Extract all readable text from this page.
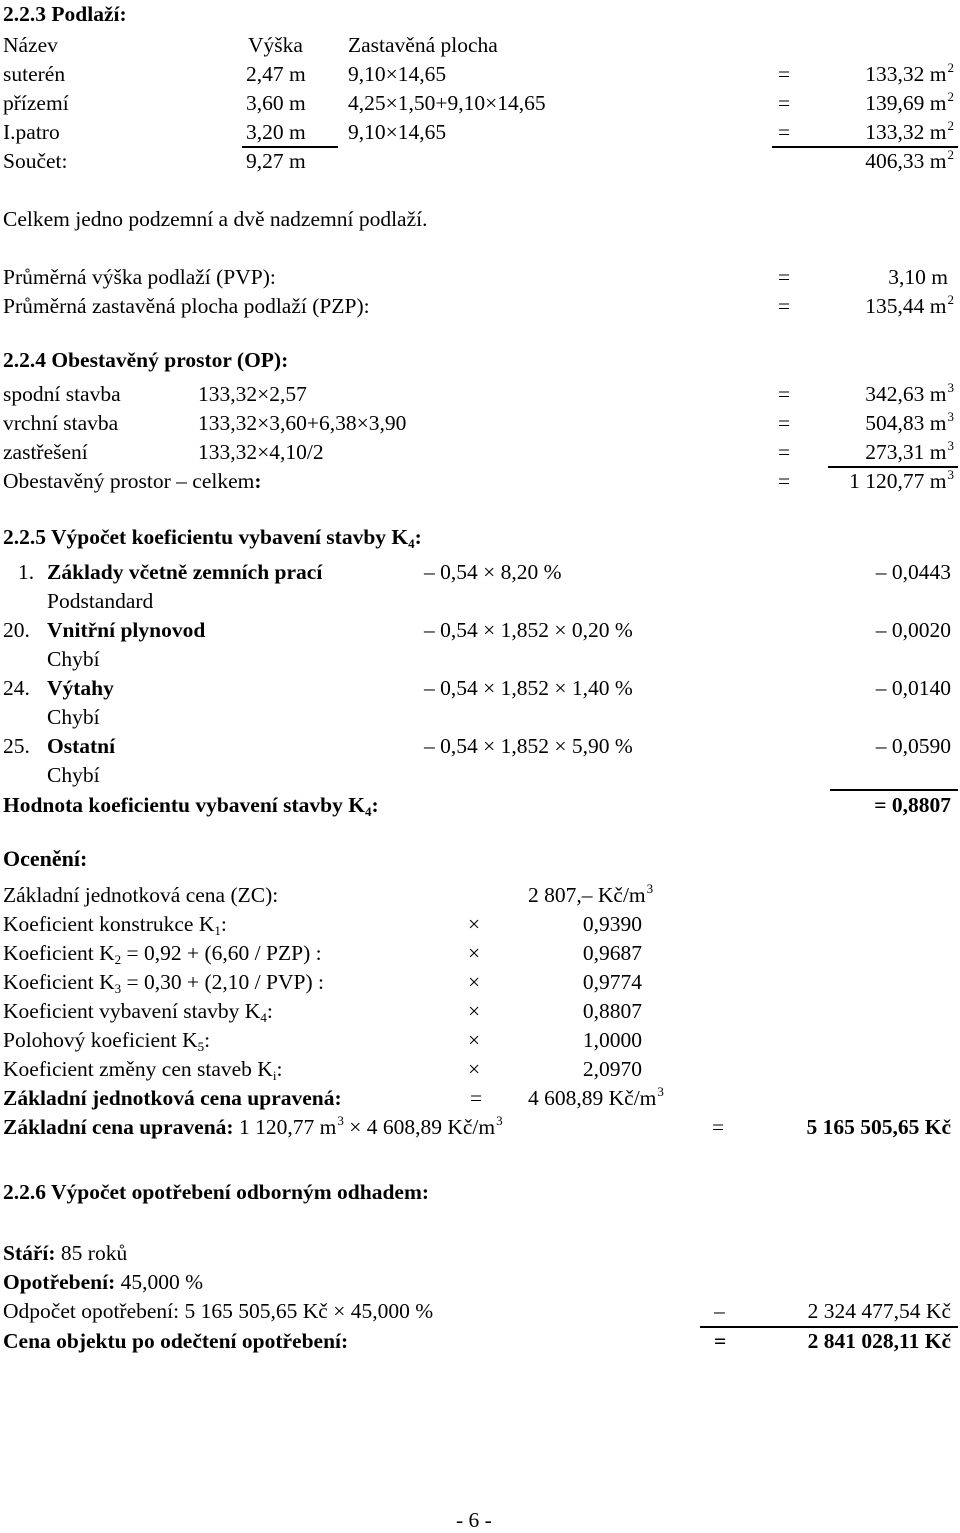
2.2.3 Podlaží:
Název	Výška Zastavěná plocha
suterén	2,47 m 9,10×14,65	=	133,32 $m^2$
přízemí	3,60 m 4,25×1,50+9,10×14,65	=	139,69 $m^2$
I.patro	3,20 m 9,10×14,65	=	133,32 $m^2$
Součet:	9,27 m	406,33 $m^2$
Celkem jedno podzemní a dvě nadzemní podlaží.
Průměrná výška podlaží (PVP):	=	3,10 m
Průměrná zastavěná plocha podlaží (PZP):	=	135,44 $m^2$
2.2.4 Obestavěný prostor (OP):
spodní stavba	133,32×2,57	=	342,63 $m^3$
vrchní stavba	133,32×3,60+6,38×3,90	=	504,83 $m^3$
zastřešení	133,32×4,10/2	=	273,31 $m^3$
Obestavěný prostor – celkem:	=	1 120,77 $m^3$
2.2.5 Výpočet koeficientu vybavení stavby K4:
1. Základy včetně zemních prací	– 0,54 × 8,20 %	– 0,0443
Podstandard
20. Vnitřní plynovod	– 0,54 × 1,852 × 0,20 %	– 0,0020
Chybí
24. Výtahy	– 0,54 × 1,852 × 1,40 %	– 0,0140
Chybí
25. Ostatní	– 0,54 × 1,852 × 5,90 %	– 0,0590
Chybí
Hodnota koeficientu vybavení stavby K4:	= 0,8807
Ocenění:
Základní jednotková cena (ZC):	2 807,– $Kč/m^3$
Koeficient konstrukce K1:	×	0,9390
Koeficient K2 = 0,92 + (6,60 / PZP) :	×	0,9687
Koeficient K3 = 0,30 + (2,10 / PVP) :	×	0,9774
Koeficient vybavení stavby K4:	×	0,8807
Polohový koeficient K5:	×	1,0000
Koeficient změny cen staveb Ki:	×	2,0970
Základní jednotková cena upravená:	= 4 608,89 $Kč/m^3$
Základní cena upravená: 1 120,77 $m^3 \times 4$ 608,89 $Kč/m^3$	=	5 165 505,65 Kč
2.2.6 Výpočet opotřebení odborným odhadem:
Stáří: 85 roků
Opotřebení: 45,000 %
Odpočet opotřebení: 5 165 505,65 Kč × 45,000 %	–	2 324 477,54 Kč
Cena objektu po odečtení opotřebení:	=	2 841 028,11 Kč
- 6 -
